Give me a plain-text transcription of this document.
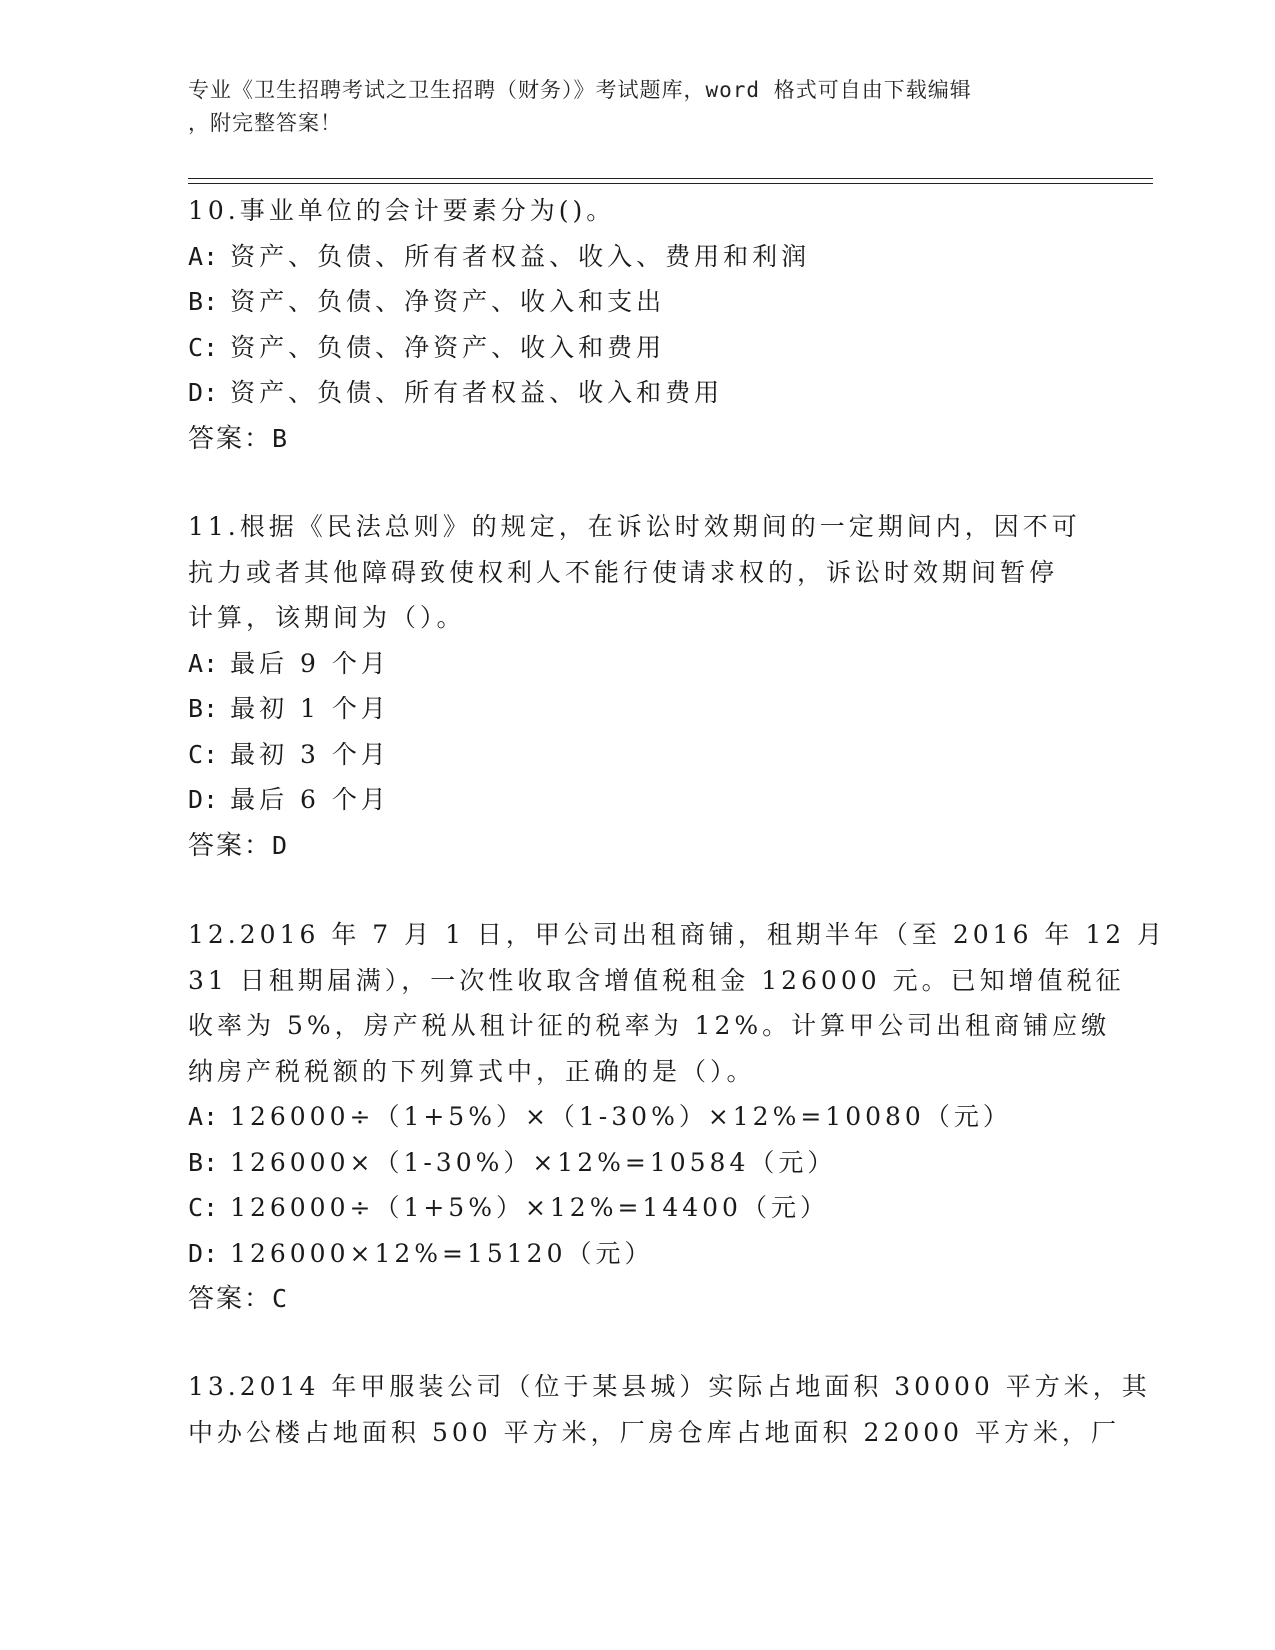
专业《卫生招聘考试之卫生招聘（财务）》考试题库，word 格式可自由下载编辑
，附完整答案！
10.事业单位的会计要素分为()。
A: 资产、负债、所有者权益、收入、费用和利润
B: 资产、负债、净资产、收入和支出
C: 资产、负债、净资产、收入和费用
D: 资产、负债、所有者权益、收入和费用
答案：B
11.根据《民法总则》的规定，在诉讼时效期间的一定期间内，因不可
抗力或者其他障碍致使权利人不能行使请求权的，诉讼时效期间暂停
计算，该期间为（）。
A: 最后 9 个月
B: 最初 1 个月
C: 最初 3 个月
D: 最后 6 个月
答案：D
12.2016 年 7 月 1 日，甲公司出租商铺，租期半年（至 2016 年 12 月
31 日租期届满），一次性收取含增值税租金 126000 元。已知增值税征
收率为 5%，房产税从租计征的税率为 12%。计算甲公司出租商铺应缴
纳房产税税额的下列算式中，正确的是（）。
A: 126000÷（1+5%）×（1-30%）×12%=10080（元）
B: 126000×（1-30%）×12%=10584（元）
C: 126000÷（1+5%）×12%=14400（元）
D: 126000×12%=15120（元）
答案：C
13.2014 年甲服装公司（位于某县城）实际占地面积 30000 平方米，其
中办公楼占地面积 500 平方米，厂房仓库占地面积 22000 平方米，厂
